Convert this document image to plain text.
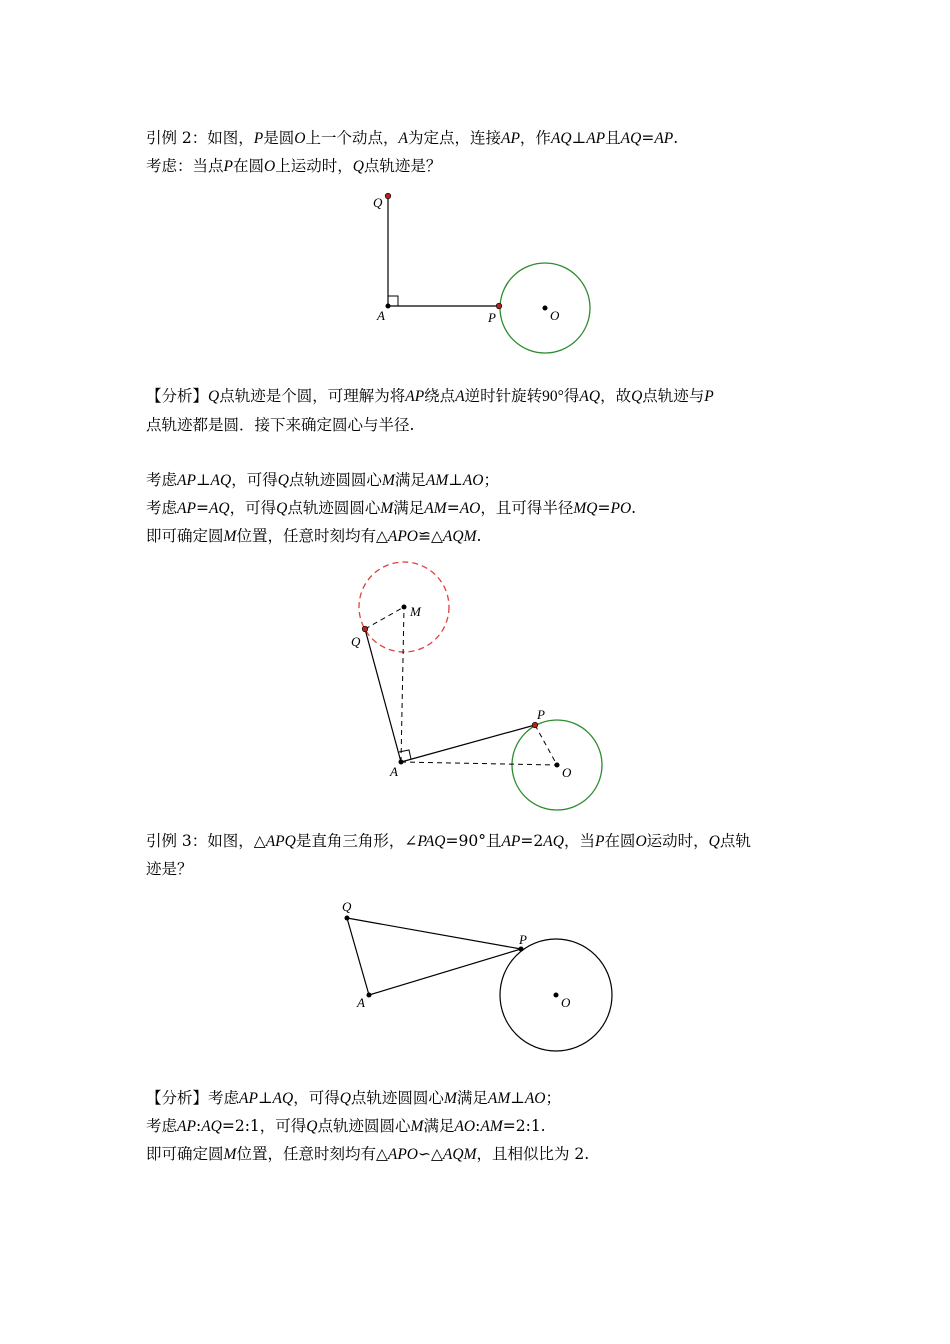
引例 2：如图，P是圆O上一个动点，A为定点，连接AP，作AQ⊥AP且AQ=AP.
考虑：当点P在圆O上运动时，Q点轨迹是？
Q
A	P	O
【分析】Q点轨迹是个圆，可理解为将AP绕点A逆时针旋转90°得AQ，故Q点轨迹与P
点轨迹都是圆．接下来确定圆心与半径.
考虑AP⊥AQ，可得Q点轨迹圆圆心M满足AM⊥AO；
考虑AP=AQ，可得Q点轨迹圆圆心M满足AM=AO，且可得半径MQ=PO.
即可确定圆M位置，任意时刻均有△APO≌△AQM.
M
Q
P
A	O
引例 3：如图，△APQ是直角三角形，∠PAQ=90°且AP=2AQ，当P在圆O运动时，Q点轨
迹是？
Q
P
A	O
【分析】考虑AP⊥AQ，可得Q点轨迹圆圆心M满足AM⊥AO；
考虑AP:AQ=2:1，可得Q点轨迹圆圆心M满足AO:AM=2:1.
即可确定圆M位置，任意时刻均有△APO∽△AQM，且相似比为 2.
